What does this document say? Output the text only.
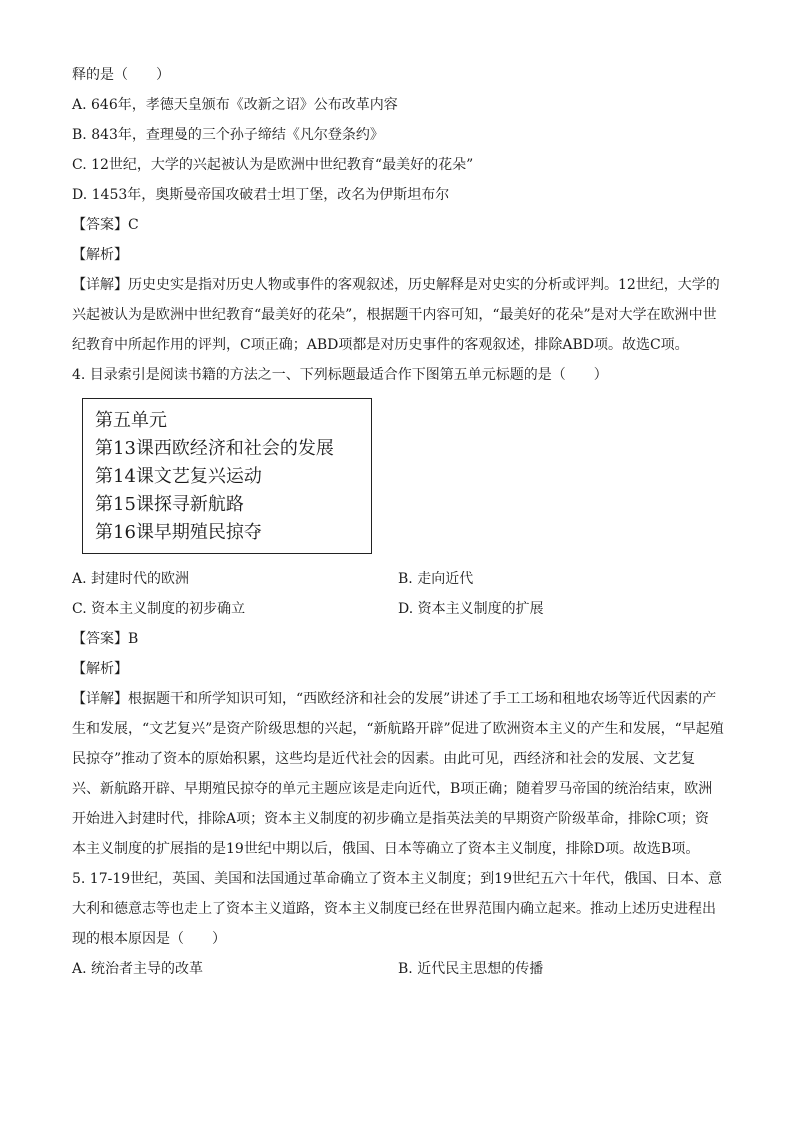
释的是（　　）

A. 646年，孝德天皇颁布《改新之诏》公布改革内容

B. 843年，查理曼的三个孙子缔结《凡尔登条约》

C. 12世纪，大学的兴起被认为是欧洲中世纪教育“最美好的花朵”

D. 1453年，奥斯曼帝国攻破君士坦丁堡，改名为伊斯坦布尔

【答案】C

【解析】

【详解】历史史实是指对历史人物或事件的客观叙述，历史解释是对史实的分析或评判。12世纪，大学的

兴起被认为是欧洲中世纪教育“最美好的花朵”，根据题干内容可知，“最美好的花朵”是对大学在欧洲中世

纪教育中所起作用的评判，C项正确；ABD项都是对历史事件的客观叙述，排除ABD项。故选C项。

4. 目录索引是阅读书籍的方法之一、下列标题最适合作下图第五单元标题的是（　　）

第五单元

第13课西欧经济和社会的发展

第14课文艺复兴运动

第15课探寻新航路

第16课早期殖民掠夺

A. 封建时代的欧洲	B. 走向近代
C. 资本主义制度的初步确立	D. 资本主义制度的扩展

【答案】B

【解析】

【详解】根据题干和所学知识可知，“西欧经济和社会的发展”讲述了手工工场和租地农场等近代因素的产

生和发展，“文艺复兴”是资产阶级思想的兴起，“新航路开辟”促进了欧洲资本主义的产生和发展，“早起殖

民掠夺”推动了资本的原始积累，这些均是近代社会的因素。由此可见，西经济和社会的发展、文艺复

兴、新航路开辟、早期殖民掠夺的单元主题应该是走向近代，B项正确；随着罗马帝国的统治结束，欧洲

开始进入封建时代，排除A项；资本主义制度的初步确立是指英法美的早期资产阶级革命，排除C项；资

本主义制度的扩展指的是19世纪中期以后，俄国、日本等确立了资本主义制度，排除D项。故选B项。

5. 17-19世纪，英国、美国和法国通过革命确立了资本主义制度；到19世纪五六十年代，俄国、日本、意

大利和德意志等也走上了资本主义道路，资本主义制度已经在世界范围内确立起来。推动上述历史进程出

现的根本原因是（　　）

A. 统治者主导的改革	B. 近代民主思想的传播
